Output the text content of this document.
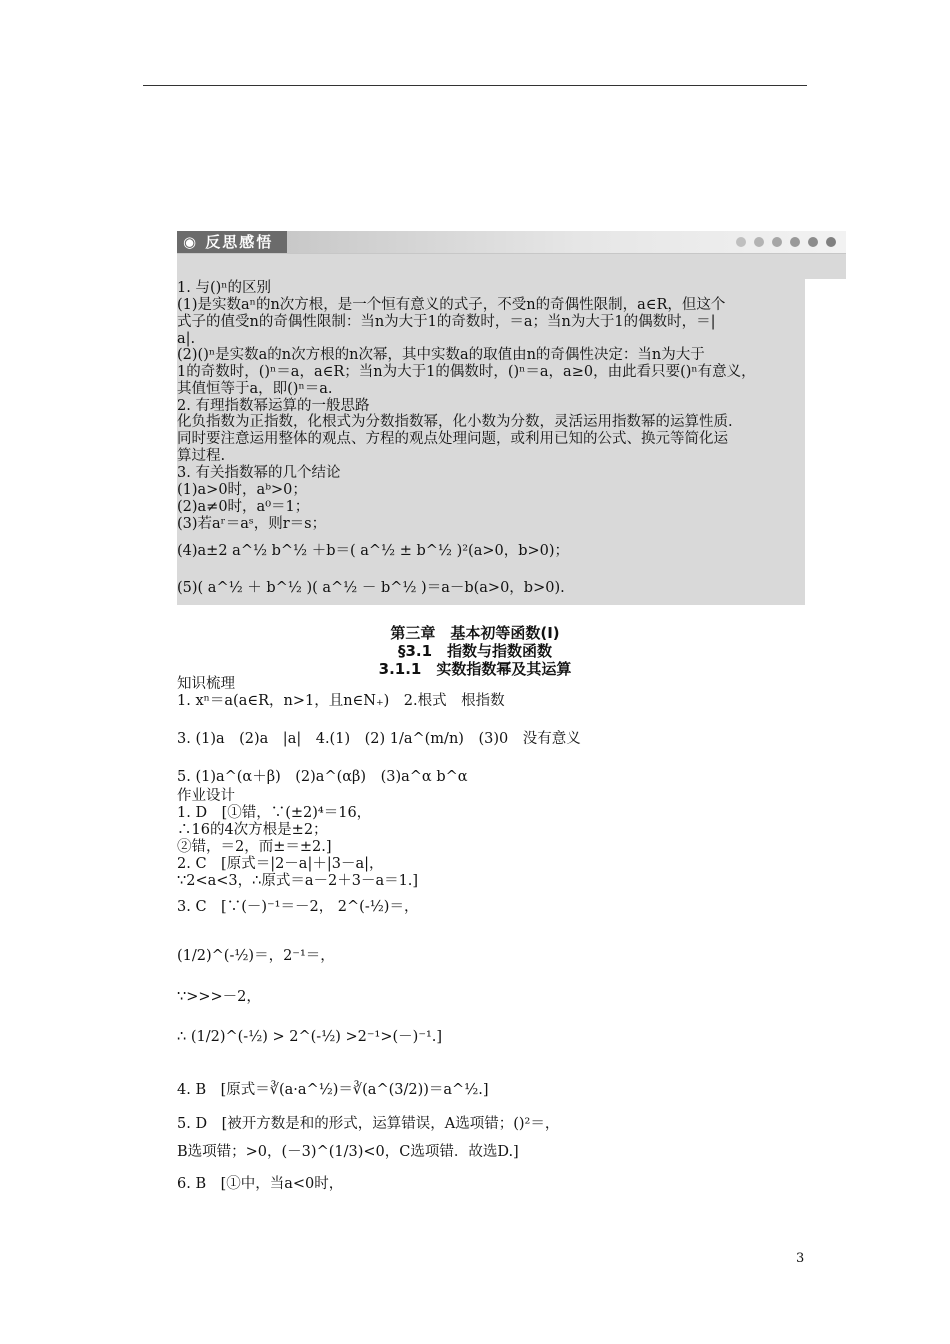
◉ 反思感悟
1. 与()ⁿ的区别
(1)是实数aⁿ的n次方根，是一个恒有意义的式子，不受n的奇偶性限制，a∈R，但这个
式子的值受n的奇偶性限制：当n为大于1的奇数时，＝a；当n为大于1的偶数时，＝|
a|.
(2)()ⁿ是实数a的n次方根的n次幂，其中实数a的取值由n的奇偶性决定：当n为大于
1的奇数时，()ⁿ＝a，a∈R；当n为大于1的偶数时，()ⁿ＝a，a≥0，由此看只要()ⁿ有意义，
其值恒等于a，即()ⁿ＝a.
2. 有理指数幂运算的一般思路
化负指数为正指数，化根式为分数指数幂，化小数为分数，灵活运用指数幂的运算性质.
同时要注意运用整体的观点、方程的观点处理问题，或利用已知的公式、换元等简化运
算过程.
3. 有关指数幂的几个结论
(1)a>0时，aᵇ>0；
(2)a≠0时，a⁰＝1；
(3)若aʳ＝aˢ，则r＝s；
(4)a±2 a^½ b^½ ＋b＝( a^½ ± b^½ )²(a>0，b>0)；
(5)( a^½ ＋ b^½ )( a^½ － b^½ )＝a－b(a>0，b>0).
第三章　基本初等函数(Ⅰ)
§3.1　指数与指数函数
3.1.1　实数指数幂及其运算
知识梳理
1. xⁿ＝a(a∈R，n>1，且n∈N₊)　2.根式　根指数
3. (1)a　(2)a　|a|　4.(1)　(2) 1/a^(m/n)　(3)0　没有意义
5. (1)a^(α＋β)　(2)a^(αβ)　(3)a^α b^α
作业设计
1. D　[①错，∵(±2)⁴＝16，
∴16的4次方根是±2；
②错，＝2，而±＝±2.]
2. C　[原式＝|2－a|＋|3－a|，
∵2<a<3，∴原式＝a－2＋3－a＝1.]
3. C　[∵(－)⁻¹＝－2， 2^(-½)＝，
(1/2)^(-½)＝，2⁻¹＝，
∵>>>－2，
∴ (1/2)^(-½) > 2^(-½) >2⁻¹>(－)⁻¹.]
4. B　[原式＝∛(a·a^½)＝∛(a^(3/2))＝a^½.]
5. D　[被开方数是和的形式，运算错误，A选项错；()²＝，
B选项错；>0，(－3)^(1/3)<0，C选项错．故选D.]
6. B　[①中，当a<0时，
3
